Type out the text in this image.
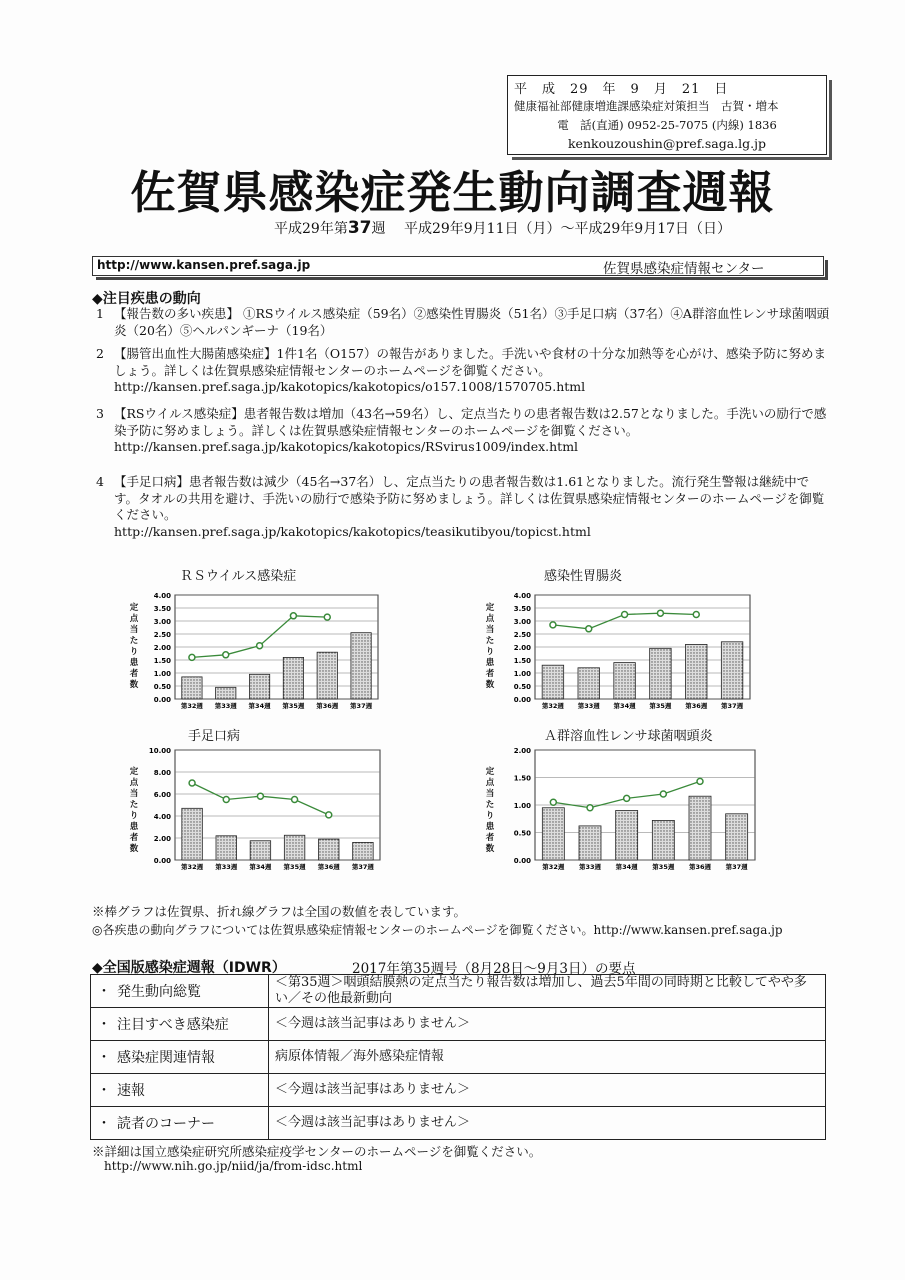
平　成　29　年　9　月　21　日
健康福祉部健康増進課感染症対策担当　古賀・増本
電　話(直通) 0952-25-7075 (内線) 1836
kenkouzoushin@pref.saga.lg.jp
佐賀県感染症発生動向調査週報
平成29年第37週　 平成29年9月11日（月）〜平成29年9月17日（日）
http://www.kansen.pref.saga.jp	佐賀県感染症情報センター
◆注目疾患の動向
1 【報告数の多い疾患】 ①RSウイルス感染症（59名）②感染性胃腸炎（51名）③手足口病（37名）④A群溶血性レンサ球菌咽頭炎（20名）⑤ヘルパンギーナ（19名）
2 【腸管出血性大腸菌感染症】1件1名（O157）の報告がありました。手洗いや食材の十分な加熱等を心がけ、感染予防に努めましょう。詳しくは佐賀県感染症情報センターのホームページを御覧ください。
http://kansen.pref.saga.jp/kakotopics/kakotopics/o157.1008/1570705.html
3 【RSウイルス感染症】患者報告数は増加（43名→59名）し、定点当たりの患者報告数は2.57となりました。手洗いの励行で感染予防に努めましょう。詳しくは佐賀県感染症情報センターのホームページを御覧ください。
http://kansen.pref.saga.jp/kakotopics/kakotopics/RSvirus1009/index.html
4 【手足口病】患者報告数は減少（45名→37名）し、定点当たりの患者報告数は1.61となりました。流行発生警報は継続中です。タオルの共用を避け、手洗いの励行で感染予防に努めましょう。詳しくは佐賀県感染症情報センターのホームページを御覧ください。
http://kansen.pref.saga.jp/kakotopics/kakotopics/teasikutibyou/topicst.html
ＲＳウイルス感染症
定点当たり患者数
0.00
0.50
1.00
1.50
2.00
2.50
3.00
3.50
4.00
第32週 第33週 第34週 第35週 第36週 第37週
感染性胃腸炎
定点当たり患者数
0.00
0.50
1.00
1.50
2.00
2.50
3.00
3.50
4.00
第32週 第33週 第34週 第35週 第36週 第37週
手足口病
定点当たり患者数
0.00
2.00
4.00
6.00
8.00
10.00
第32週 第33週 第34週 第35週 第36週 第37週
Ａ群溶血性レンサ球菌咽頭炎
定点当たり患者数
0.00
0.50
1.00
1.50
2.00
第32週 第33週 第34週 第35週 第36週 第37週
※棒グラフは佐賀県、折れ線グラフは全国の数値を表しています。
◎各疾患の動向グラフについては佐賀県感染症情報センターのホームページを御覧ください。http://www.kansen.pref.saga.jp
◆全国版感染症週報（IDWR）	2017年第35週号（8月28日〜9月3日）の要点
・ 発生動向総覧	＜第35週＞咽頭結膜熱の定点当たり報告数は増加し、過去5年間の同時期と比較してやや多い／その他最新動向
・ 注目すべき感染症	＜今週は該当記事はありません＞
・ 感染症関連情報	病原体情報／海外感染症情報
・ 速報	＜今週は該当記事はありません＞
・ 読者のコーナー	＜今週は該当記事はありません＞
※詳細は国立感染症研究所感染症疫学センターのホームページを御覧ください。
http://www.nih.go.jp/niid/ja/from-idsc.html
